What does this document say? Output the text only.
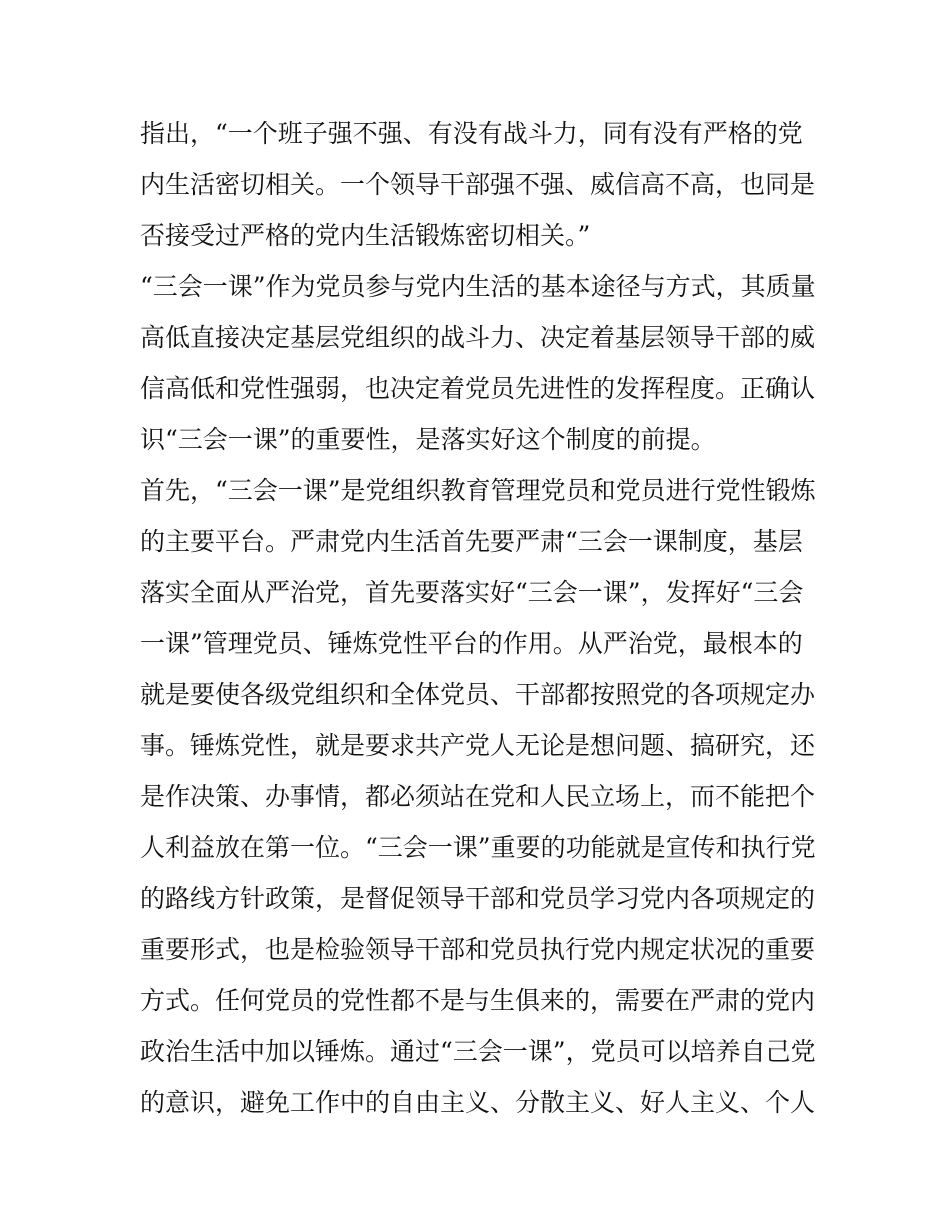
指出，“一个班子强不强、有没有战斗力，同有没有严格的党
内生活密切相关。一个领导干部强不强、威信高不高，也同是
否接受过严格的党内生活锻炼密切相关。”
“三会一课”作为党员参与党内生活的基本途径与方式，其质量
高低直接决定基层党组织的战斗力、决定着基层领导干部的威
信高低和党性强弱，也决定着党员先进性的发挥程度。正确认
识“三会一课”的重要性，是落实好这个制度的前提。
首先，“三会一课”是党组织教育管理党员和党员进行党性锻炼
的主要平台。严肃党内生活首先要严肃“三会一课制度，基层
落实全面从严治党，首先要落实好“三会一课”，发挥好“三会
一课”管理党员、锤炼党性平台的作用。从严治党，最根本的
就是要使各级党组织和全体党员、干部都按照党的各项规定办
事。锤炼党性，就是要求共产党人无论是想问题、搞研究，还
是作决策、办事情，都必须站在党和人民立场上，而不能把个
人利益放在第一位。“三会一课”重要的功能就是宣传和执行党
的路线方针政策，是督促领导干部和党员学习党内各项规定的
重要形式，也是检验领导干部和党员执行党内规定状况的重要
方式。任何党员的党性都不是与生俱来的，需要在严肃的党内
政治生活中加以锤炼。通过“三会一课”，党员可以培养自己党
的意识，避免工作中的自由主义、分散主义、好人主义、个人
